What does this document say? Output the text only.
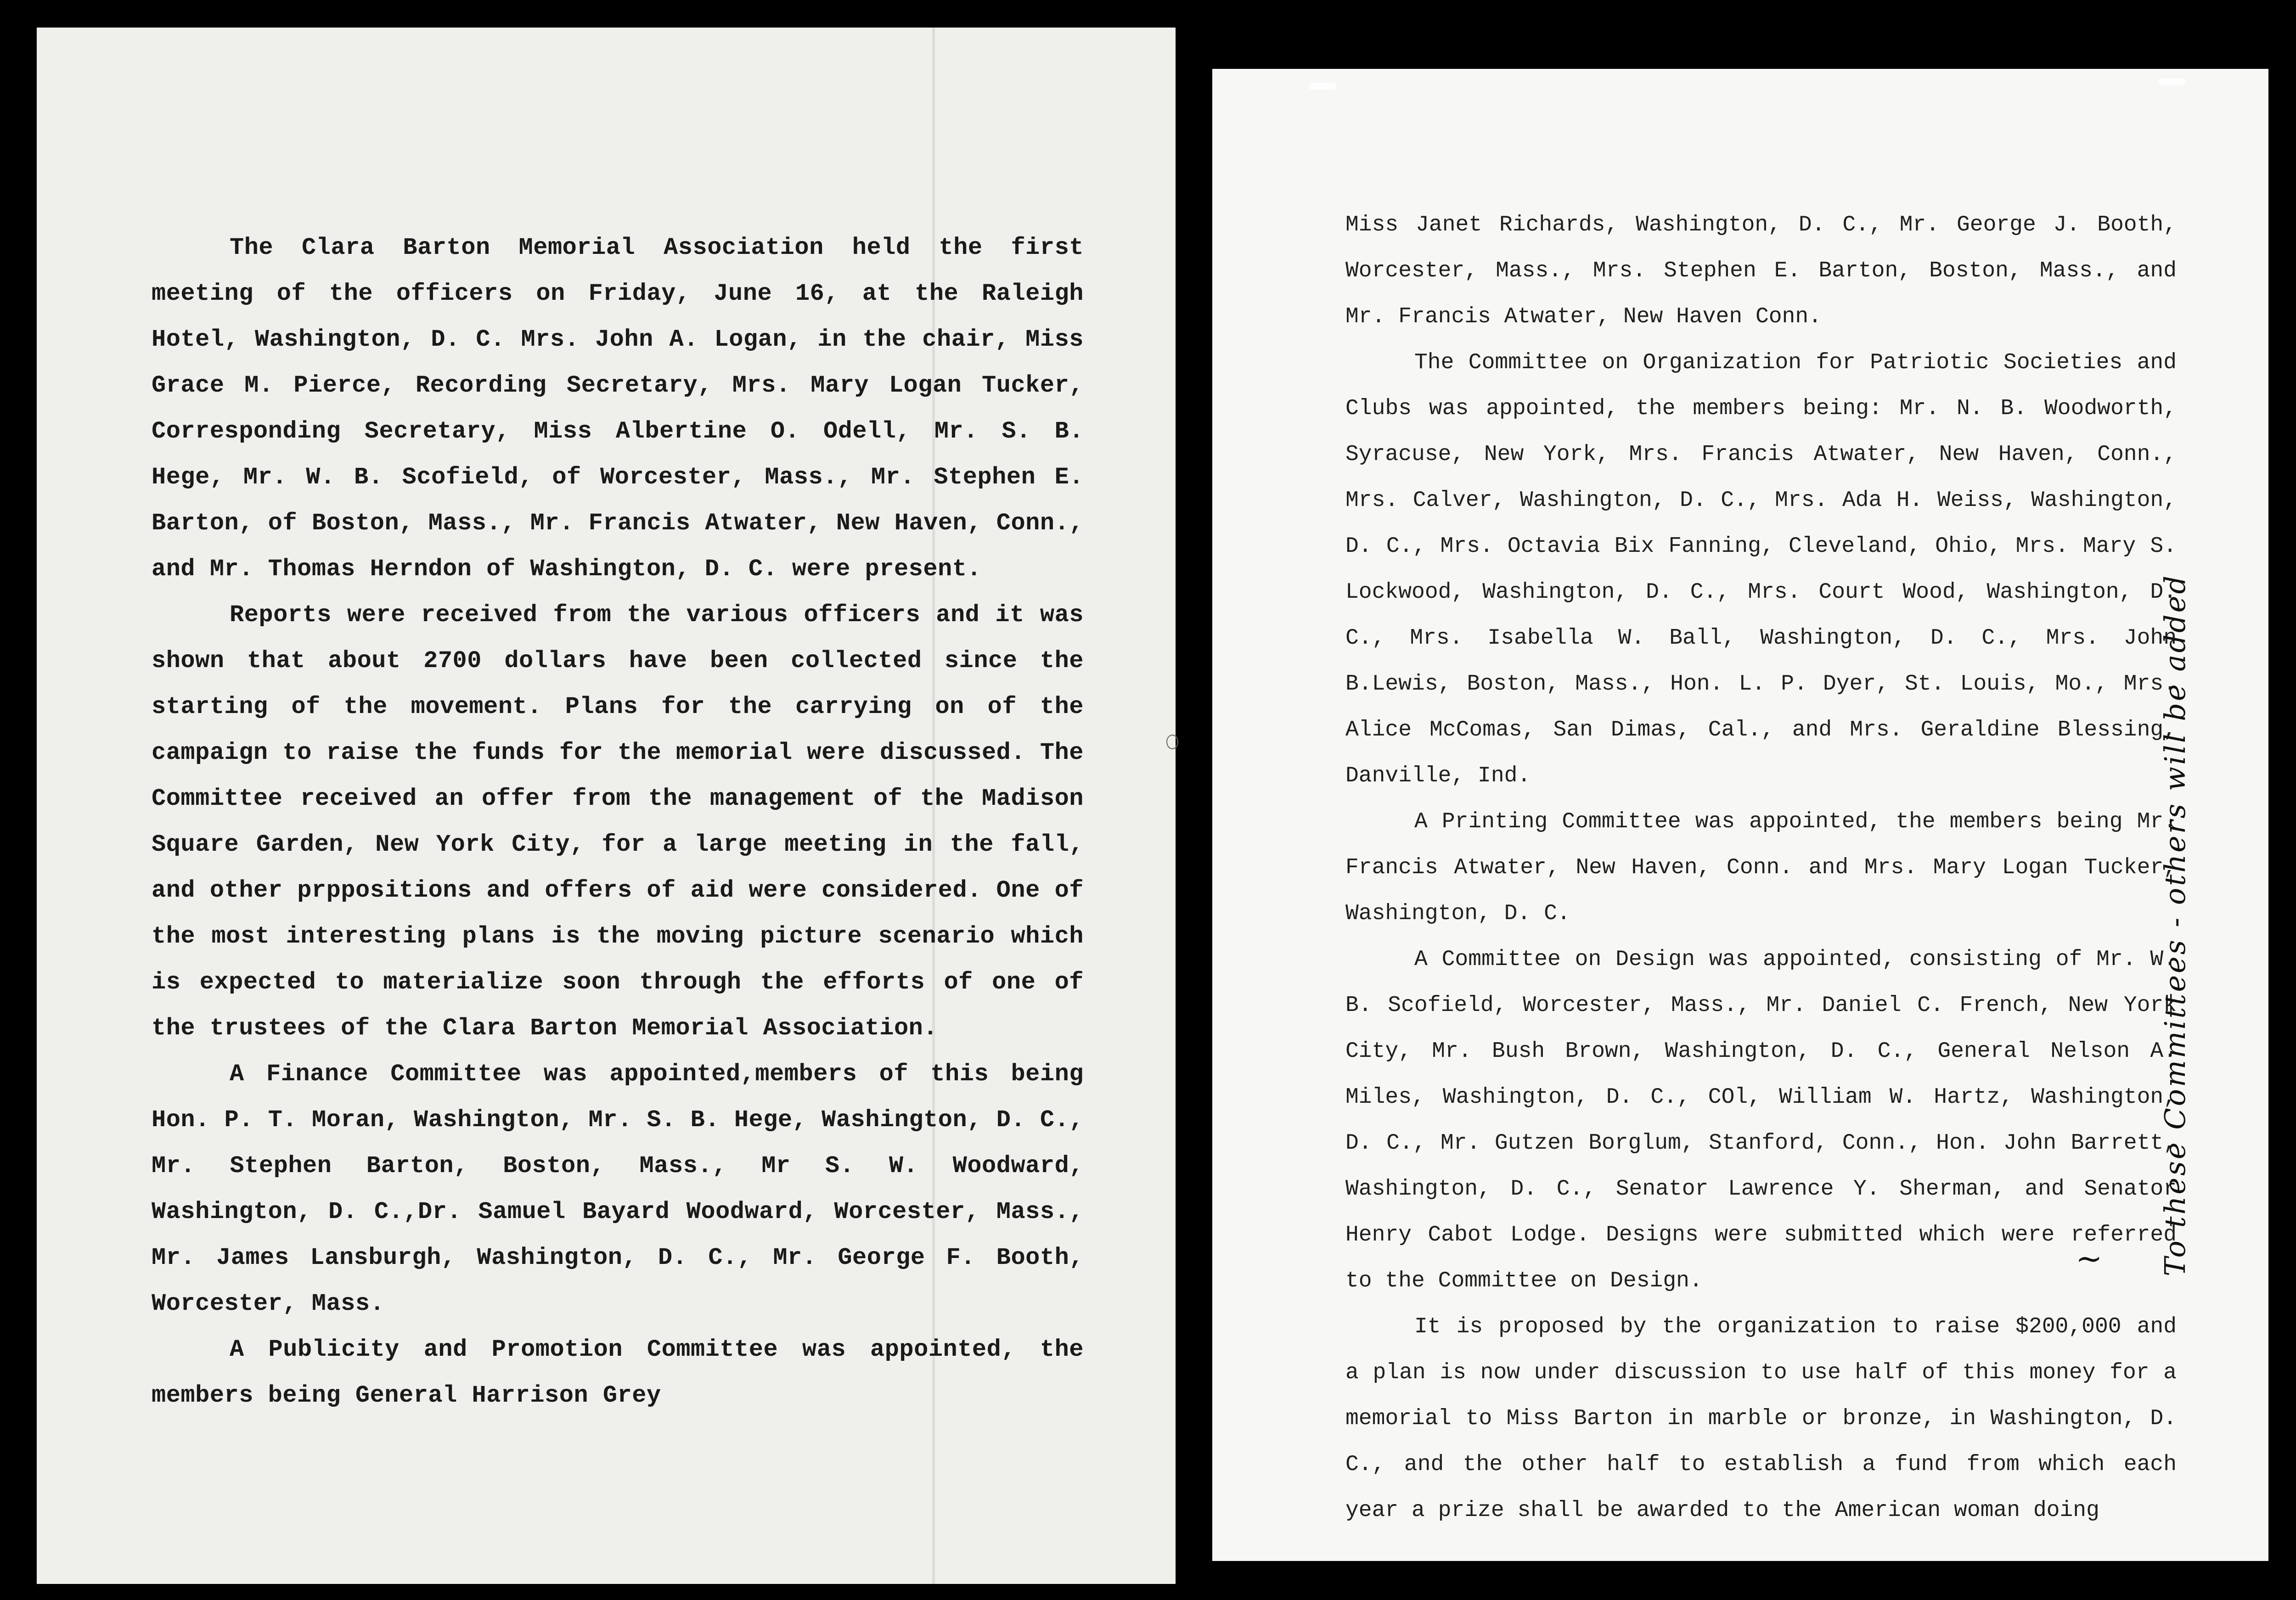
The Clara Barton Memorial Association held the first meeting of the officers on Friday, June 16, at the Raleigh Hotel, Washington, D. C. Mrs. John A. Logan, in the chair, Miss Grace M. Pierce, Recording Secretary, Mrs. Mary Logan Tucker, Corresponding Secretary, Miss Albertine O. Odell, Mr. S. B. Hege, Mr. W. B. Scofield, of Worcester, Mass., Mr. Stephen E. Barton, of Boston, Mass., Mr. Francis Atwater, New Haven, Conn., and Mr. Thomas Herndon of Washington, D. C. were present.

Reports were received from the various officers and it was shown that about 2700 dollars have been collected since the starting of the movement. Plans for the carrying on of the campaign to raise the funds for the memorial were discussed. The Committee received an offer from the management of the Madison Square Garden, New York City, for a large meeting in the fall, and other prppositions and offers of aid were considered. One of the most interesting plans is the moving picture scenario which is expected to materialize soon through the efforts of one of the trustees of the Clara Barton Memorial Association.

A Finance Committee was appointed,members of this being Hon. P. T. Moran, Washington, Mr. S. B. Hege, Washington, D. C., Mr. Stephen Barton, Boston, Mass., Mr S. W. Woodward, Washington, D. C.,Dr. Samuel Bayard Woodward, Worcester, Mass., Mr. James Lansburgh, Washington, D. C., Mr. George F. Booth, Worcester, Mass.

A Publicity and Promotion Committee was appointed, the members being General Harrison Grey

Miss Janet Richards, Washington, D. C., Mr. George J. Booth, Worcester, Mass., Mrs. Stephen E. Barton, Boston, Mass., and Mr. Francis Atwater, New Haven Conn.

The Committee on Organization for Patriotic Societies and Clubs was appointed, the members being: Mr. N. B. Woodworth, Syracuse, New York, Mrs. Francis Atwater, New Haven, Conn., Mrs. Calver, Washington, D. C., Mrs. Ada H. Weiss, Washington, D. C., Mrs. Octavia Bix Fanning, Cleveland, Ohio, Mrs. Mary S. Lockwood, Washington, D. C., Mrs. Court Wood, Washington, D. C., Mrs. Isabella W. Ball, Washington, D. C., Mrs. John B.Lewis, Boston, Mass., Hon. L. P. Dyer, St. Louis, Mo., Mrs. Alice McComas, San Dimas, Cal., and Mrs. Geraldine Blessing, Danville, Ind.

A Printing Committee was appointed, the members being Mr. Francis Atwater, New Haven, Conn. and Mrs. Mary Logan Tucker, Washington, D. C.

A Committee on Design was appointed, consisting of Mr. W. B. Scofield, Worcester, Mass., Mr. Daniel C. French, New York City, Mr. Bush Brown, Washington, D. C., General Nelson A. Miles, Washington, D. C., COl, William W. Hartz, Washington, D. C., Mr. Gutzen Borglum, Stanford, Conn., Hon. John Barrett, Washington, D. C., Senator Lawrence Y. Sherman, and Senator Henry Cabot Lodge. Designs were submitted which were referred to the Committee on Design.

It is proposed by the organization to raise $200,000 and a plan is now under discussion to use half of this money for a memorial to Miss Barton in marble or bronze, in Washington, D. C., and the other half to establish a fund from which each year a prize shall be awarded to the American woman doing

~ To these Committees - others will be added
